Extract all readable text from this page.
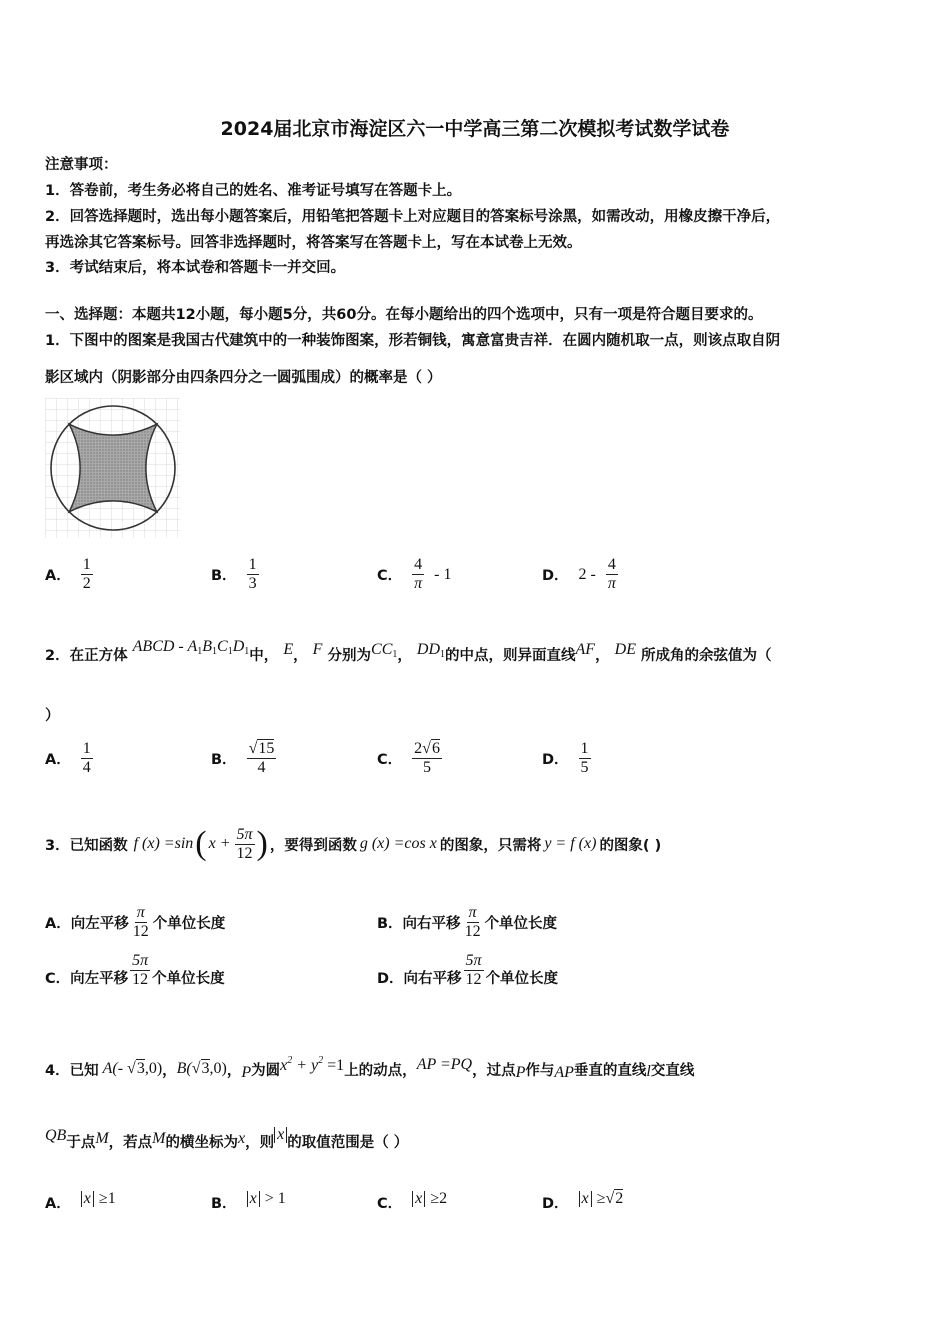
2024届北京市海淀区六一中学高三第二次模拟考试数学试卷
注意事项：
1．答卷前，考生务必将自己的姓名、准考证号填写在答题卡上。
2．回答选择题时，选出每小题答案后，用铅笔把答题卡上对应题目的答案标号涂黑，如需改动，用橡皮擦干净后，
再选涂其它答案标号。回答非选择题时，将答案写在答题卡上，写在本试卷上无效。
3．考试结束后，将本试卷和答题卡一并交回。
一、选择题：本题共12小题，每小题5分，共60分。在每小题给出的四个选项中，只有一项是符合题目要求的。
1．下图中的图案是我国古代建筑中的一种装饰图案，形若铜钱，寓意富贵吉祥．在圆内随机取一点，则该点取自阴
影区域内（阴影部分由四条四分之一圆弧围成）的概率是（ ）
A． $\frac{1}{2}$	B． $\frac{1}{3}$	C． $\frac{4}{\pi} - 1$	D． $2 - \frac{4}{\pi}$
2．在正方体 ABCD - $A_1B_1C_1D_1$中， E， F 分别为$CC_1$， $DD_1$的中点，则异面直线AF， DE 所成角的余弦值为（
）
A． $\frac{1}{4}$	B． $\frac{√15}{4}$	C． $\frac{2√6}{5}$	D． $\frac{1}{5}$
3．已知函数 f (x) =sin ( $x + \frac{5\pi}{12}$ ) ，要得到函数 g (x) =cos x 的图象，只需将 y = f (x) 的图象( )
A．向左平移 $\frac{\pi}{12}$ 个单位长度	B．向右平移 $\frac{\pi}{12}$ 个单位长度
C．向左平移 $\frac{5\pi}{12}$ 个单位长度	D．向右平移 $\frac{5\pi}{12}$ 个单位长度
4．已知 A(- √3,0) ， B(√3,0) ， P 为圆 $x^2 + y^2 =1$ 上的动点， AP =PQ ，过点 P 作与 AP 垂直的直线 l 交直线
QB 于点 M ，若点 M 的横坐标为 x ，则 x 的取值范围是（ ）
A． x ≥1	B． x > 1	C． x ≥2	D． x ≥√2
